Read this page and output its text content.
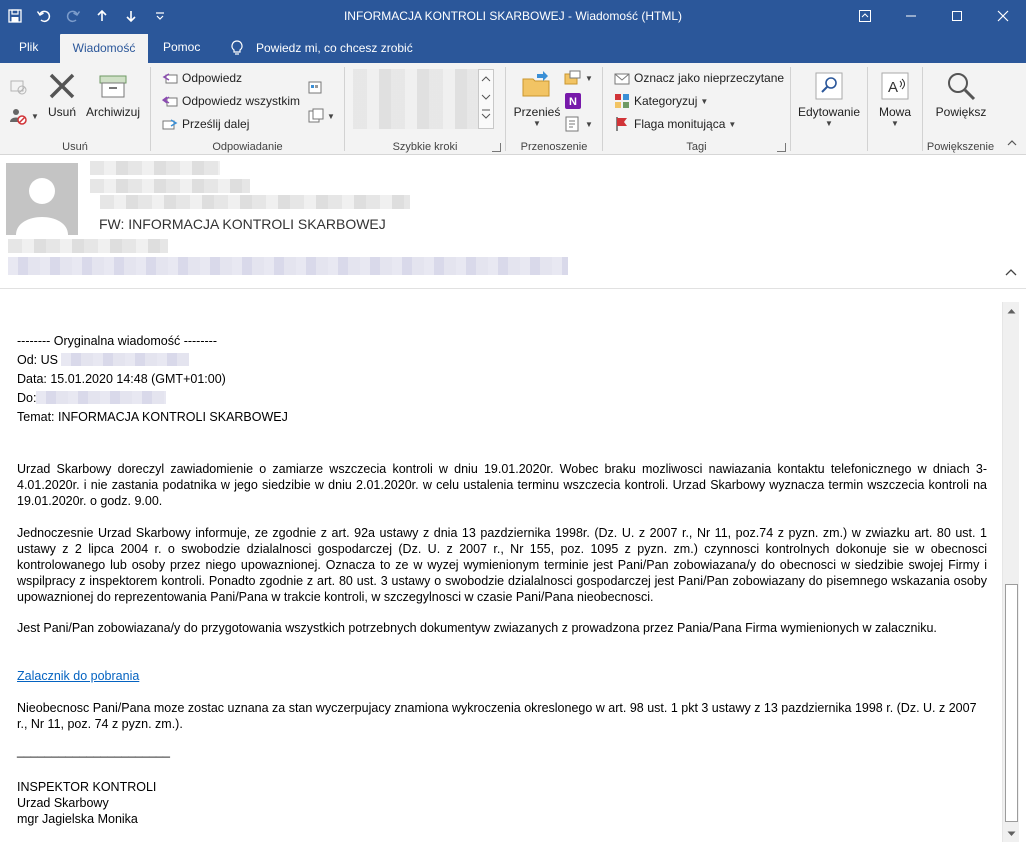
INFORMACJA KONTROLI SKARBOWEJ - Wiadomość (HTML)
Plik	Wiadomość	Pomoc	Powiedz mi, co chcesz zrobić
▼ Usuń Archiwizuj
Usuń
Odpowiedz
Odpowiedz wszystkim
Prześlij dalej
▼
Odpowiadanie	Szybkie kroki
Przenieś
▼
▼
N
▼
Przenoszenie
Oznacz jako nieprzeczytane
Kategoryzuj ▼
Flaga monitująca ▼
Tagi
Edytowanie
▼
A
Mowa
▼
Powiększ
Powiększenie
FW: INFORMACJA KONTROLI SKARBOWEJ

-------- Oryginalna wiadomość --------

Od: US

Data: 15.01.2020 14:48 (GMT+01:00)

Do:

Temat: INFORMACJA KONTROLI SKARBOWEJ

Urzad Skarbowy doreczyl zawiadomienie o zamiarze wszczecia kontroli w dniu 19.01.2020r. Wobec braku mozliwosci nawiazania kontaktu telefonicznego w dniach 3-4.01.2020r. i nie zastania podatnika w jego siedzibie w dniu 2.01.2020r. w celu ustalenia terminu wszczecia kontroli. Urzad Skarbowy wyznacza termin wszczecia kontroli na 19.01.2020r. o godz. 9.00.

Jednoczesnie Urzad Skarbowy informuje, ze zgodnie z art. 92a ustawy z dnia 13 pazdziernika 1998r. (Dz. U. z 2007 r., Nr 11, poz.74 z pyzn. zm.) w zwiazku art. 80 ust. 1 ustawy z 2 lipca 2004 r. o swobodzie dzialalnosci gospodarczej (Dz. U. z 2007 r., Nr 155, poz. 1095 z pyzn. zm.) czynnosci kontrolnych dokonuje sie w obecnosci kontrolowanego lub osoby przez niego upowaznionej. Oznacza to ze w wyzej wymienionym terminie jest Pani/Pan zobowiazana/y do obecnosci w siedzibie swojej Firmy i wspilpracy z inspektorem kontroli. Ponadto zgodnie z art. 80 ust. 3 ustawy o swobodzie dzialalnosci gospodarczej jest Pani/Pan zobowiazany do pisemnego wskazania osoby upowaznionej do reprezentowania Pani/Pana w trakcie kontroli, w szczegylnosci w czasie Pani/Pana nieobecnosci.

Jest Pani/Pan zobowiazana/y do przygotowania wszystkich potrzebnych dokumentyw zwiazanych z prowadzona przez Pania/Pana Firma wymienionych w zalaczniku.

Zalacznik do pobrania

Nieobecnosc Pani/Pana moze zostac uznana za stan wyczerpujacy znamiona wykroczenia okreslonego w art. 98 ust. 1 pkt 3 ustawy z 13 pazdziernika 1998 r. (Dz. U. z 2007 r., Nr 11, poz. 74 z pyzn. zm.).

______________________

INSPEKTOR KONTROLI

Urzad Skarbowy

mgr Jagielska Monika
